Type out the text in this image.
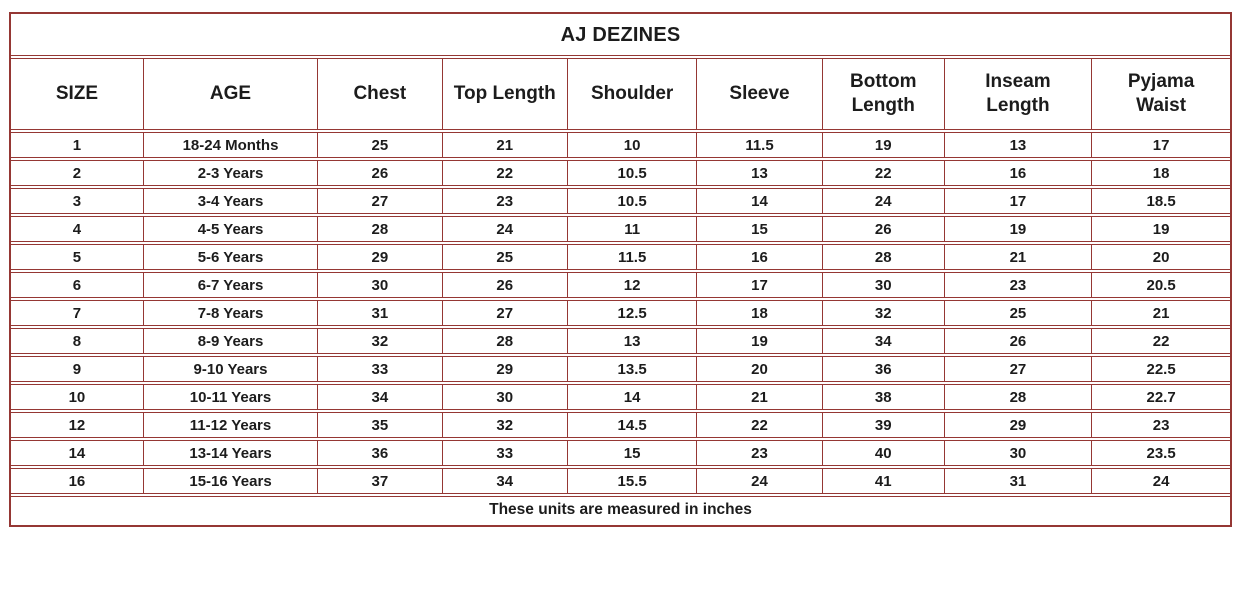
AJ DEZINES								
SIZE	AGE	Chest	Top Length	Shoulder	Sleeve	Bottom Length	Inseam Length	Pyjama Waist
1	18-24 Months	25	21	10	11.5	19	13	17
2	2-3 Years	26	22	10.5	13	22	16	18
3	3-4 Years	27	23	10.5	14	24	17	18.5
4	4-5 Years	28	24	11	15	26	19	19
5	5-6 Years	29	25	11.5	16	28	21	20
6	6-7 Years	30	26	12	17	30	23	20.5
7	7-8 Years	31	27	12.5	18	32	25	21
8	8-9 Years	32	28	13	19	34	26	22
9	9-10 Years	33	29	13.5	20	36	27	22.5
10	10-11 Years	34	30	14	21	38	28	22.7
12	11-12 Years	35	32	14.5	22	39	29	23
14	13-14 Years	36	33	15	23	40	30	23.5
16	15-16 Years	37	34	15.5	24	41	31	24
These units are measured in inches								
